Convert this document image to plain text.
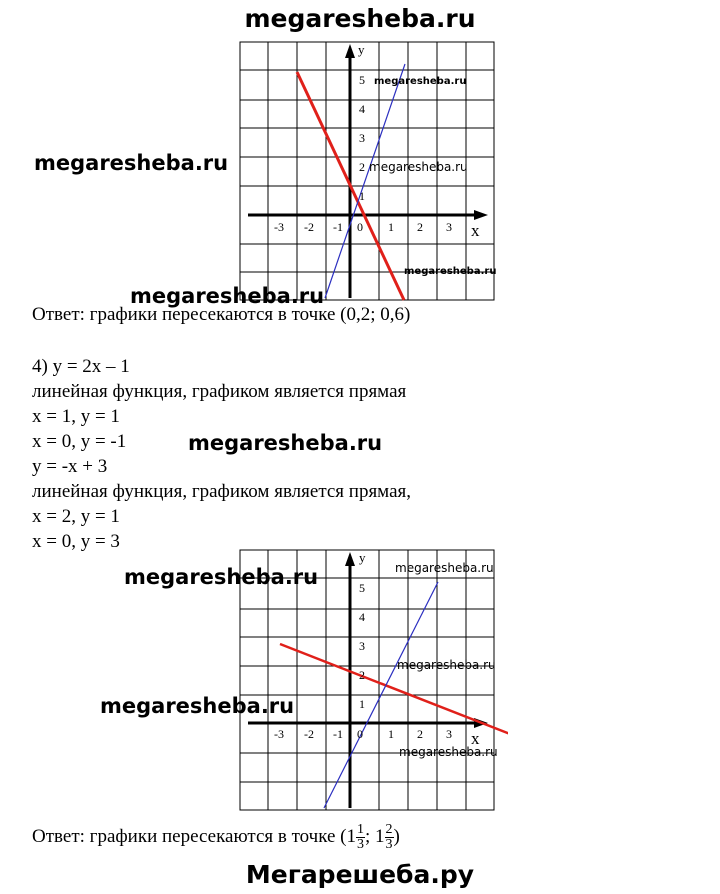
megaresheba.ru
y
x
-3 -2 -1 0 1 2 3
1
2
3
4
5 megaresheba.ru
megaresheba.ru	megaresheba.ru
megaresheba.ru
megaresheba.ru
Ответ: графики пересекаются в точке (0,2; 0,6)
4) y = 2x – 1
линейная функция, графиком является прямая
x = 1, y = 1
x = 0, y = -1
y = -x + 3
линейная функция, графиком является прямая,
x = 2, y = 1
x = 0, y = 3
megaresheba.ru
y
x
-3 -2 -1 0 1 2 3
1
2
3
4
5
megaresheba.ru	megaresheba.ru
megaresheba.ru
megaresheba.ru
megaresheba.ru
Ответ: графики пересекаются в точке ($1 \frac{1}{3}$ ; $1 \frac{2}{3}$ )
Мегарешеба.ру
